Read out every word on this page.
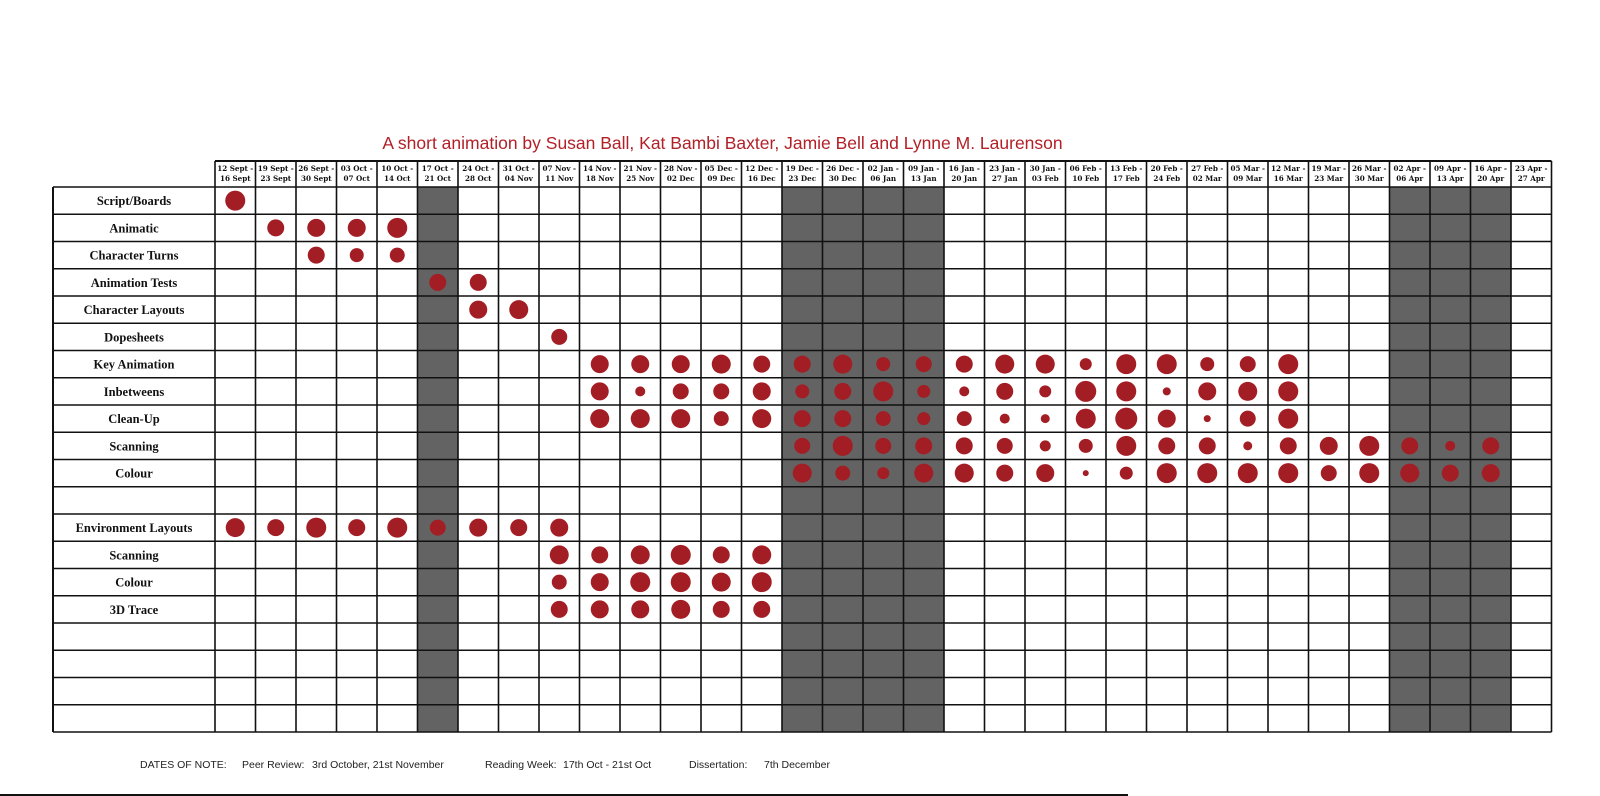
A short animation by Susan Ball, Kat Bambi Baxter, Jamie Bell and Lynne M. Laurenson
12 Sept -
16 Sept
19 Sept -
23 Sept
26 Sept -
30 Sept
03 Oct -
07 Oct
10 Oct -
14 Oct
17 Oct -
21 Oct
24 Oct -
28 Oct
31 Oct -
04 Nov
07 Nov -
11 Nov
14 Nov -
18 Nov
21 Nov -
25 Nov
28 Nov -
02 Dec
05 Dec -
09 Dec
12 Dec -
16 Dec
19 Dec -
23 Dec
26 Dec -
30 Dec
02 Jan -
06 Jan
09 Jan -
13 Jan
16 Jan -
20 Jan
23 Jan -
27 Jan
30 Jan -
03 Feb
06 Feb -
10 Feb
13 Feb -
17 Feb
20 Feb -
24 Feb
27 Feb -
02 Mar
05 Mar -
09 Mar
12 Mar -
16 Mar
19 Mar -
23 Mar
26 Mar -
30 Mar
02 Apr -
06 Apr
09 Apr -
13 Apr
16 Apr -
20 Apr
23 Apr -
27 Apr
Script/Boards
Animatic
Character Turns
Animation Tests
Character Layouts
Dopesheets
Key Animation
Inbetweens
Clean-Up
Scanning
Colour
Environment Layouts
Scanning
Colour
3D Trace
DATES OF NOTE: Peer Review: 3rd October, 21st November	Reading Week: 17th Oct - 21st Oct	Dissertation: 7th December
